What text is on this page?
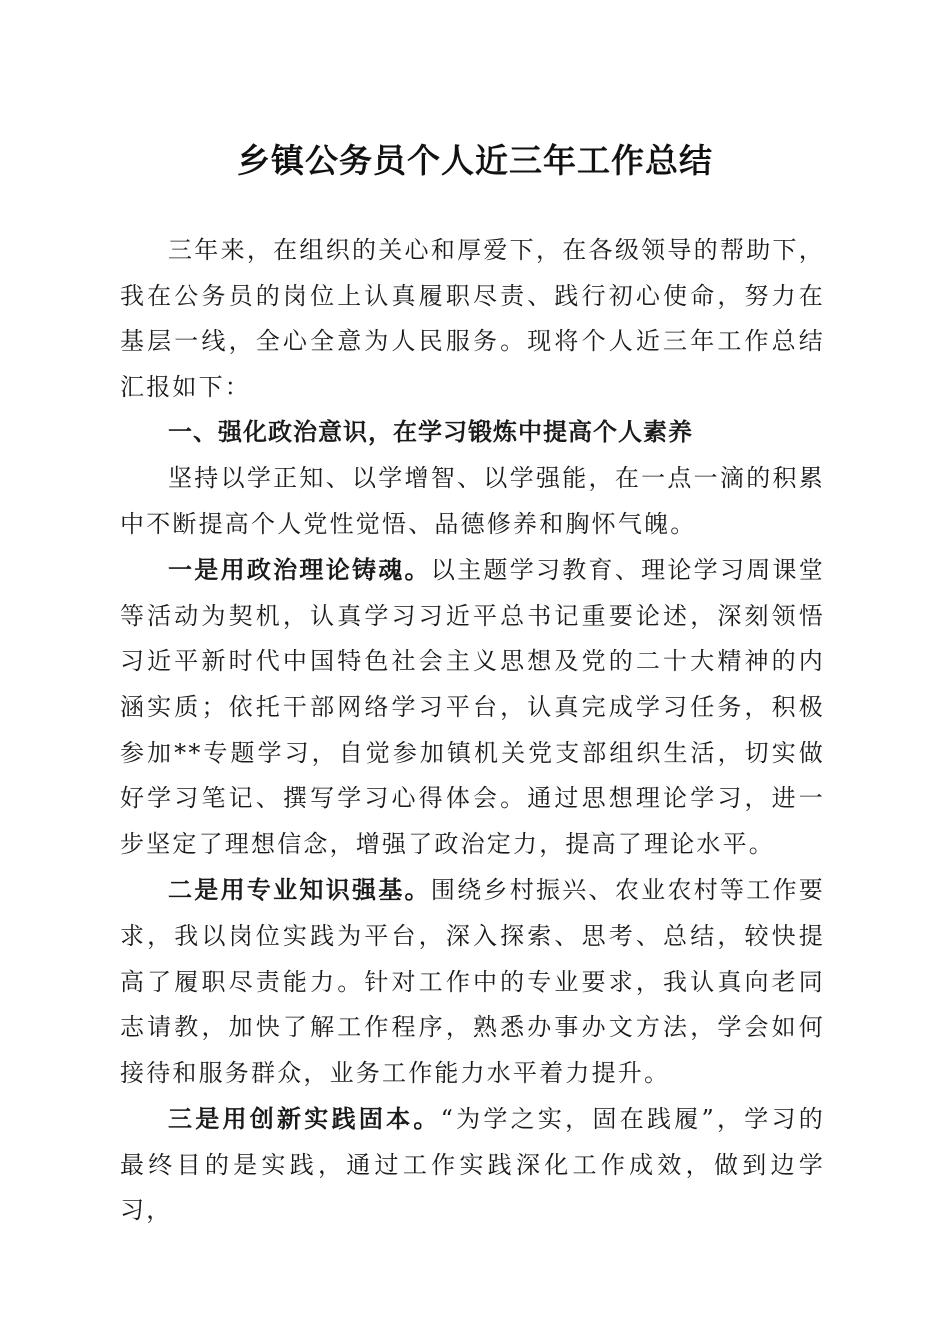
乡镇公务员个人近三年工作总结

三年来，在组织的关心和厚爱下，在各级领导的帮助下，我在公务员的岗位上认真履职尽责、践行初心使命，努力在基层一线，全心全意为人民服务。现将个人近三年工作总结汇报如下：

一、强化政治意识，在学习锻炼中提高个人素养

坚持以学正知、以学增智、以学强能，在一点一滴的积累中不断提高个人党性觉悟、品德修养和胸怀气魄。

一是用政治理论铸魂。以主题学习教育、理论学习周课堂等活动为契机，认真学习习近平总书记重要论述，深刻领悟习近平新时代中国特色社会主义思想及党的二十大精神的内涵实质；依托干部网络学习平台，认真完成学习任务，积极参加**专题学习，自觉参加镇机关党支部组织生活，切实做好学习笔记、撰写学习心得体会。通过思想理论学习，进一步坚定了理想信念，增强了政治定力，提高了理论水平。

二是用专业知识强基。围绕乡村振兴、农业农村等工作要求，我以岗位实践为平台，深入探索、思考、总结，较快提高了履职尽责能力。针对工作中的专业要求，我认真向老同志请教，加快了解工作程序，熟悉办事办文方法，学会如何接待和服务群众，业务工作能力水平着力提升。

三是用创新实践固本。“为学之实，固在践履”，学习的最终目的是实践，通过工作实践深化工作成效，做到边学习，
